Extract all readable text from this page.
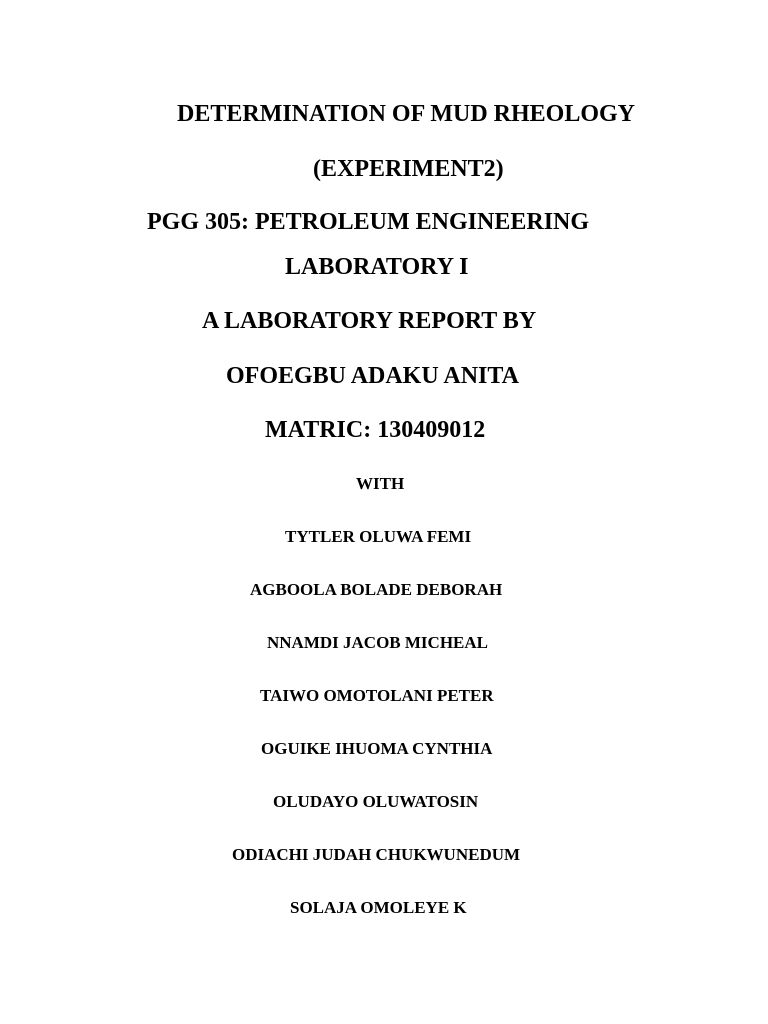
DETERMINATION OF MUD RHEOLOGY
(EXPERIMENT2)
PGG 305: PETROLEUM ENGINEERING
LABORATORY I
A LABORATORY REPORT BY
OFOEGBU ADAKU ANITA
MATRIC: 130409012
WITH
TYTLER OLUWA FEMI
AGBOOLA BOLADE DEBORAH
NNAMDI JACOB MICHEAL
TAIWO OMOTOLANI PETER
OGUIKE IHUOMA CYNTHIA
OLUDAYO OLUWATOSIN
ODIACHI JUDAH CHUKWUNEDUM
SOLAJA OMOLEYE K
